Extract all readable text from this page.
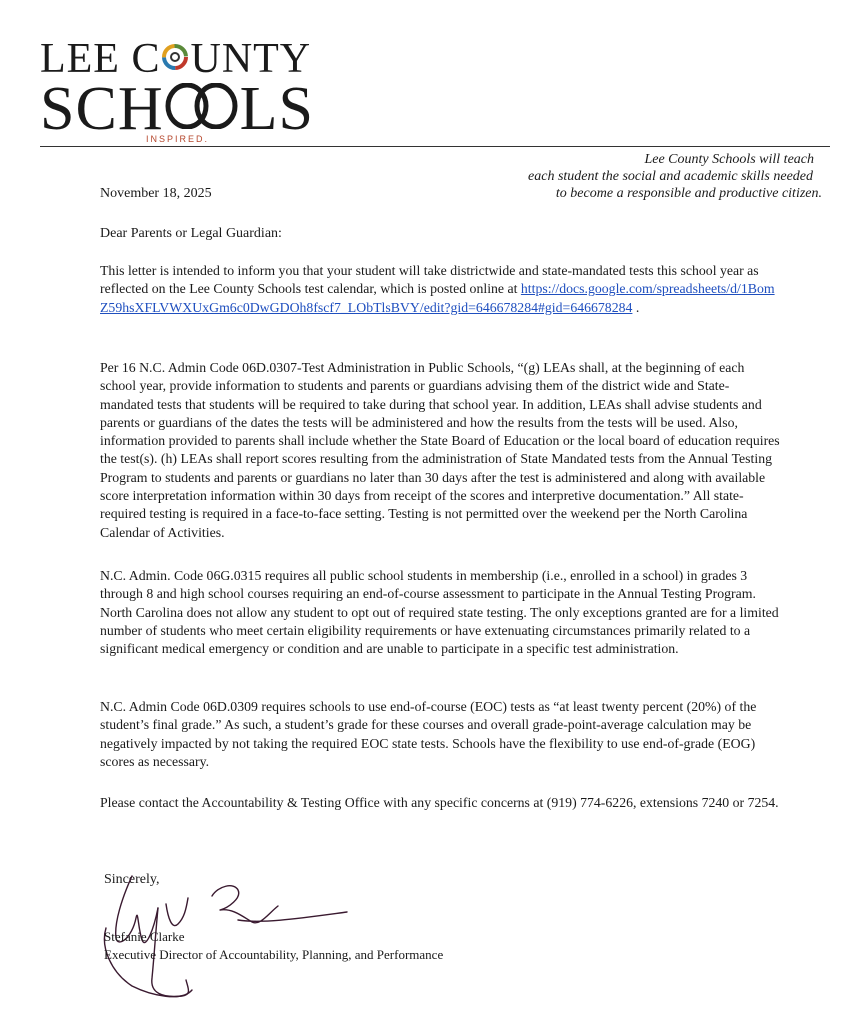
LEE C UNTY
SCH LS
INSPIRED.
Lee County Schools will teach
each student the social and academic skills needed
to become a responsible and productive citizen.
November 18, 2025
Dear Parents or Legal Guardian:

This letter is intended to inform you that your student will take districtwide and state-mandated tests this school year as reflected on the Lee County Schools test calendar, which is posted online at https://docs.google.com/spreadsheets/d/1BomZ59hsXFLVWXUxGm6c0DwGDOh8fscf7_LObTlsBVY/edit?gid=646678284#gid=646678284 .

Per 16 N.C. Admin Code 06D.0307-Test Administration in Public Schools, “(g) LEAs shall, at the beginning of each school year, provide information to students and parents or guardians advising them of the district wide and State-mandated tests that students will be required to take during that school year. In addition, LEAs shall advise students and parents or guardians of the dates the tests will be administered and how the results from the tests will be used. Also, information provided to parents shall include whether the State Board of Education or the local board of education requires the test(s). (h) LEAs shall report scores resulting from the administration of State Mandated tests from the Annual Testing Program to students and parents or guardians no later than 30 days after the test is administered and along with available score interpretation information within 30 days from receipt of the scores and interpretive documentation.” All state-required testing is required in a face-to-face setting. Testing is not permitted over the weekend per the North Carolina Calendar of Activities.

N.C. Admin. Code 06G.0315 requires all public school students in membership (i.e., enrolled in a school) in grades 3 through 8 and high school courses requiring an end-of-course assessment to participate in the Annual Testing Program. North Carolina does not allow any student to opt out of required state testing. The only exceptions granted are for a limited number of students who meet certain eligibility requirements or have extenuating circumstances primarily related to a significant medical emergency or condition and are unable to participate in a specific test administration.

N.C. Admin Code 06D.0309 requires schools to use end-of-course (EOC) tests as “at least twenty percent (20%) of the student’s final grade.” As such, a student’s grade for these courses and overall grade-point-average calculation may be negatively impacted by not taking the required EOC state tests. Schools have the flexibility to use end-of-grade (EOG) scores as necessary.

Please contact the Accountability & Testing Office with any specific concerns at (919) 774-6226, extensions 7240 or 7254.

Sincerely,
Stefanie Clarke
Executive Director of Accountability, Planning, and Performance
